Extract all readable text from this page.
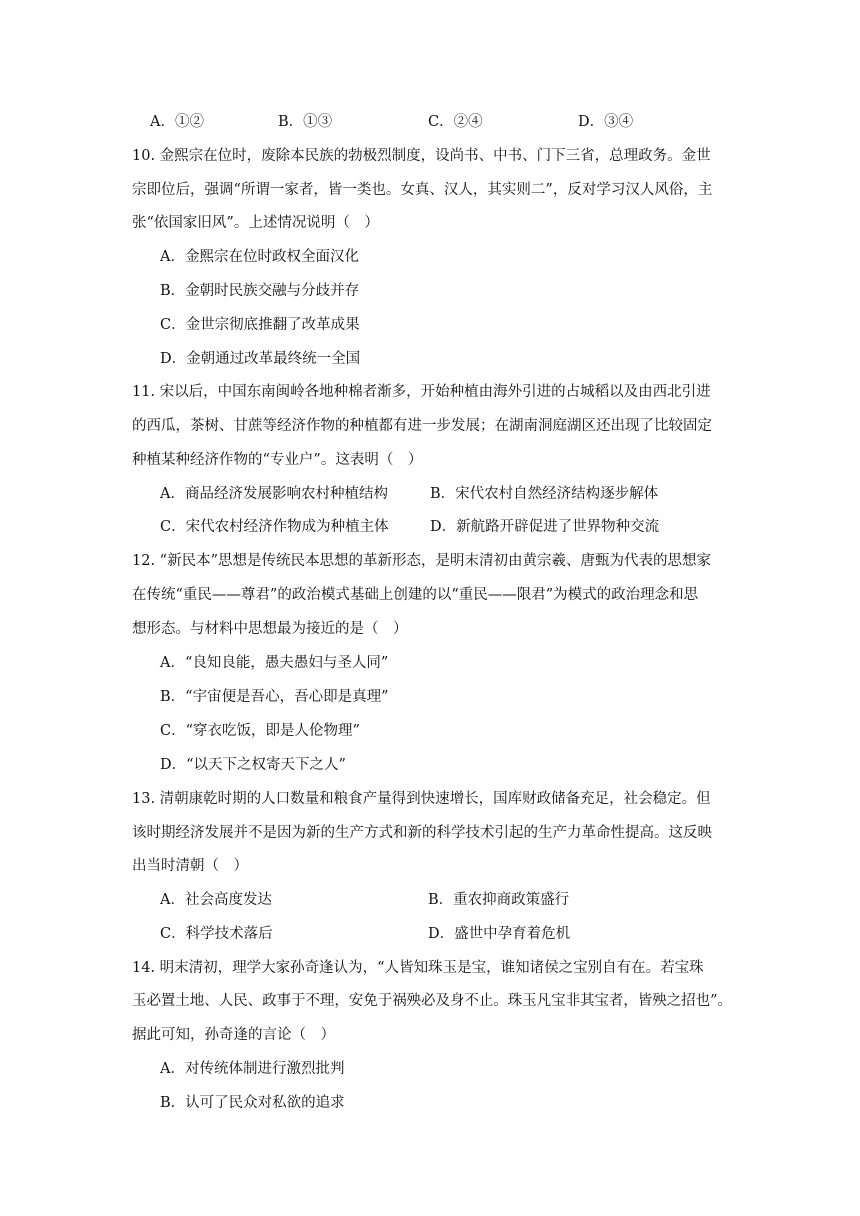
A．①②	B．①③	C．②④	D．③④
10. 金熙宗在位时，废除本民族的勃极烈制度，设尚书、中书、门下三省，总理政务。金世
宗即位后，强调“所谓一家者，皆一类也。女真、汉人，其实则二”，反对学习汉人风俗，主
张“依国家旧风”。上述情况说明（　）
A．金熙宗在位时政权全面汉化
B．金朝时民族交融与分歧并存
C．金世宗彻底推翻了改革成果
D．金朝通过改革最终统一全国
11. 宋以后，中国东南闽岭各地种棉者渐多，开始种植由海外引进的占城稻以及由西北引进
的西瓜，茶树、甘蔗等经济作物的种植都有进一步发展；在湖南洞庭湖区还出现了比较固定
种植某种经济作物的“专业户”。这表明（　）
A．商品经济发展影响农村种植结构	B．宋代农村自然经济结构逐步解体
C．宋代农村经济作物成为种植主体	D．新航路开辟促进了世界物种交流
12. “新民本”思想是传统民本思想的革新形态，是明末清初由黄宗羲、唐甄为代表的思想家
在传统“重民——尊君”的政治模式基础上创建的以“重民——限君”为模式的政治理念和思
想形态。与材料中思想最为接近的是（　）
A．“良知良能，愚夫愚妇与圣人同”
B．“宇宙便是吾心，吾心即是真理”
C．“穿衣吃饭，即是人伦物理”
D．“以天下之权寄天下之人”
13. 清朝康乾时期的人口数量和粮食产量得到快速增长，国库财政储备充足，社会稳定。但
该时期经济发展并不是因为新的生产方式和新的科学技术引起的生产力革命性提高。这反映
出当时清朝（　）
A．社会高度发达	B．重农抑商政策盛行
C．科学技术落后	D．盛世中孕育着危机
14. 明末清初，理学大家孙奇逢认为，“人皆知珠玉是宝，谁知诸侯之宝别自有在。若宝珠
玉必置土地、人民、政事于不理，安免于祸殃必及身不止。珠玉凡宝非其宝者，皆殃之招也”。
据此可知，孙奇逢的言论（　）
A．对传统体制进行激烈批判
B．认可了民众对私欲的追求
